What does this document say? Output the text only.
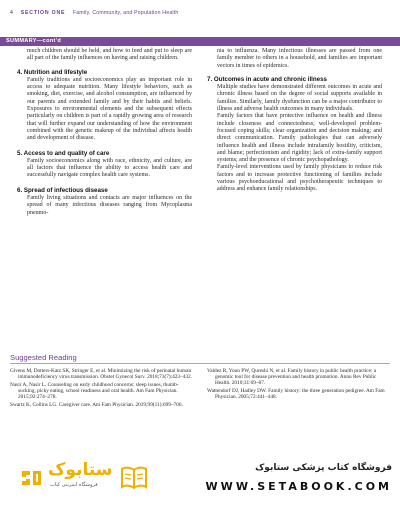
4 SECTION ONE Family, Community, and Population Health
SUMMARY—cont'd

much children should be held, and how to feed and put to sleep are all part of the family influences on having and raising children.

4. Nutrition and lifestyle

Family traditions and socioeconomics play an important role in access to adequate nutrition. Many lifestyle behaviors, such as smoking, diet, exercise, and alcohol consumption, are influenced by our parents and extended family and by their habits and beliefs. Exposures to environmental elements and the subsequent effects particularly on children is part of a rapidly growing area of research that will further expand our understanding of how the environment combined with the genetic makeup of the individual affects health and development of disease.

5. Access to and quality of care

Family socioeconomics along with race, ethnicity, and culture, are all factors that influence the ability to access health care and successfully navigate complex health care systems.

6. Spread of infectious disease

Family living situations and contacts are major influences on the spread of many infectious diseases ranging from Mycoplasma pneumo-

nia to influenza. Many infectious illnesses are passed from one family member to others in a household, and families are important vectors in times of epidemics.

7. Outcomes in acute and chronic illness

Multiple studies have demonstrated different outcomes in acute and chronic illness based on the degree of social supports available in families. Similarly, family dysfunction can be a major contributor to illness and adverse health outcomes in many individuals.

Family factors that have protective influence on health and illness include closeness and connectedness; well-developed problem-focused coping skills; clear organization and decision making; and direct communication. Family pathologies that can adversely influence health and illness include intrafamily hostility, criticism, and blame; perfectionism and rigidity; lack of extra-family support systems; and the presence of chronic psychopathology.

Family-level interventions used by family physicians to reduce risk factors and to increase protective functioning of families include various psychoeducational and psychotherapeutic techniques to address and enhance family relationships.

Suggested Reading

Givens M, Dotters-Katz SK, Stringer E, et al. Minimizing the risk of perinatal human immunodeficiency virus transmission. Obstet Gynecol Surv. 2018;73(7):423–432.

Nasir A, Nasir L. Counseling on early childhood concerns: sleep issues, thumb-sucking, picky eating, school readiness and oral health. Am Fam Physician. 2015;92:274–278.

Swartz K, Collins LG. Caregiver care. Am Fam Physician. 2019;99(11):699–706.

Valdez R, Yoon PW, Qureshi N, et al. Family history in public health practice: a genomic tool for disease prevention and health promotion. Annu Rev Public Health. 2010;31:69–87.

Wattendorf DJ, Hadley DW. Family history: the three generation pedigree. Am Fam Physician. 2005;72:441–448.

ستابوک
فروشگاه اینترنتی کتاب
فروشگاه کتاب پزشکی ستابوک
WWW.SETABOOK.COM
